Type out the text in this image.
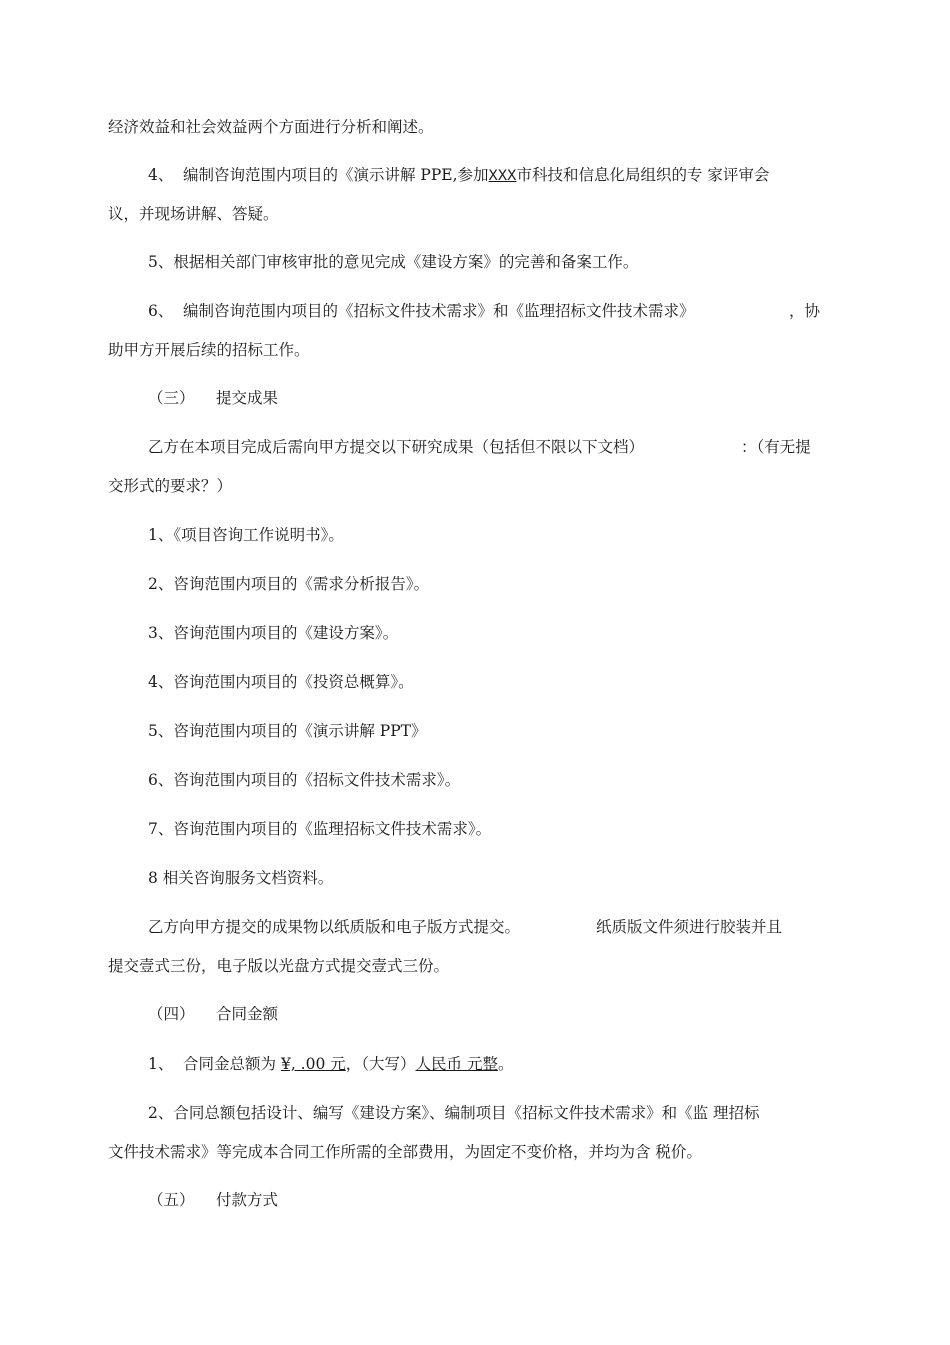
经济效益和社会效益两个方面进行分析和阐述。
4、 编制咨询范围内项目的《演示讲解 PPE,参加XXX市科技和信息化局组织的专 家评审会
议，并现场讲解、答疑。
5、根据相关部门审核审批的意见完成《建设方案》的完善和备案工作。
6、 编制咨询范围内项目的《招标文件技术需求》和《监理招标文件技术需求》	，协
助甲方开展后续的招标工作。
（三） 提交成果
乙方在本项目完成后需向甲方提交以下研究成果（包括但不限以下文档）	：（有无提
交形式的要求？）
1、《项目咨询工作说明书》。
2、咨询范围内项目的《需求分析报告》。
3、咨询范围内项目的《建设方案》。
4、咨询范围内项目的《投资总概算》。
5、咨询范围内项目的《演示讲解 PPT》
6、咨询范围内项目的《招标文件技术需求》。
7、咨询范围内项目的《监理招标文件技术需求》。
8 相关咨询服务文档资料。
乙方向甲方提交的成果物以纸质版和电子版方式提交。	纸质版文件须进行胶装并且
提交壹式三份，电子版以光盘方式提交壹式三份。
（四） 合同金额
1、 合同金总额为 ¥, .00 元，（大写）人民币 元整。
2、合同总额包括设计、编写《建设方案》、编制项目《招标文件技术需求》和《监 理招标
文件技术需求》等完成本合同工作所需的全部费用，为固定不变价格，并均为含 税价。
（五） 付款方式
